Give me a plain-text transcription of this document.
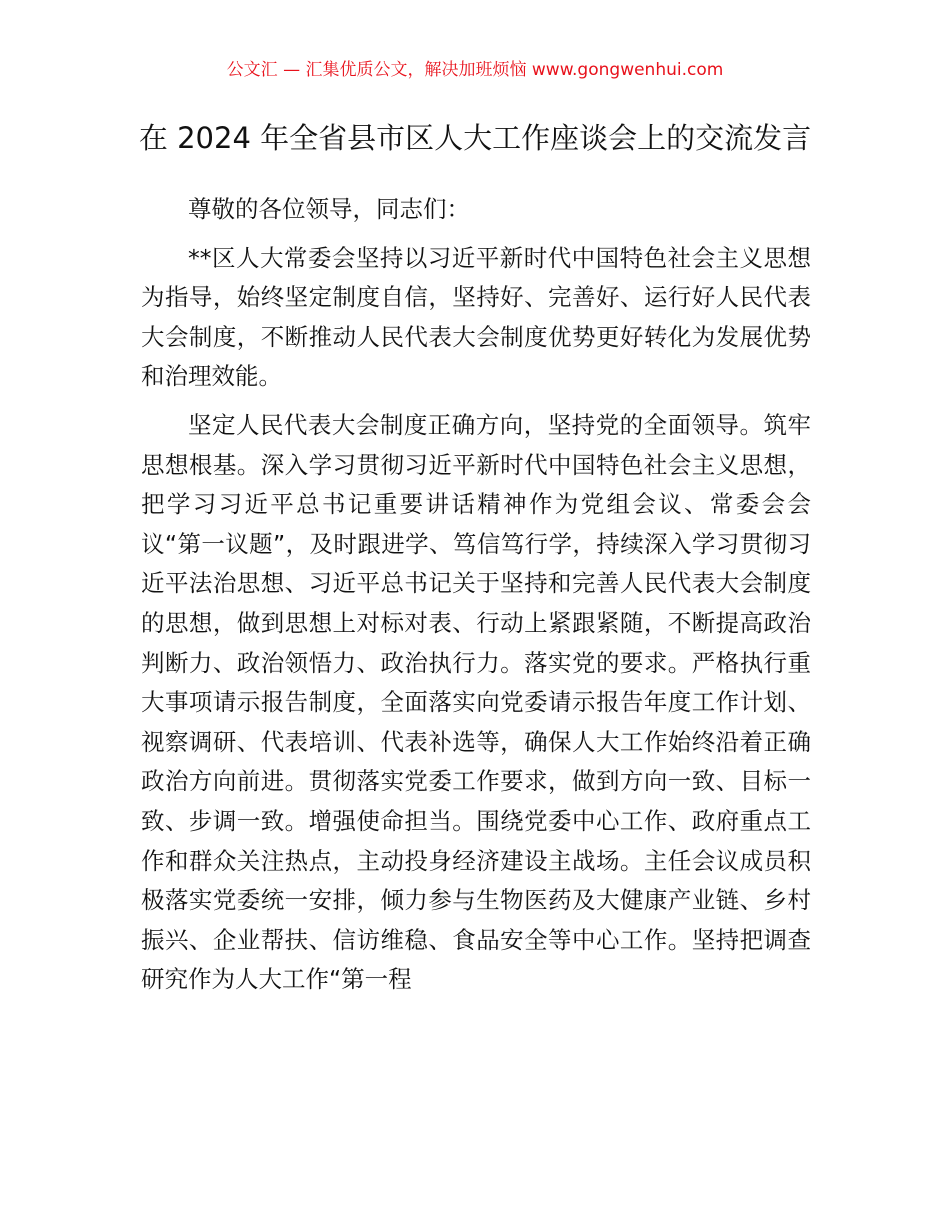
公文汇 — 汇集优质公文，解决加班烦恼 www.gongwenhui.com
在 2024 年全省县市区人大工作座谈会上的交流发言

尊敬的各位领导，同志们：

**区人大常委会坚持以习近平新时代中国特色社会主义思想为指导，始终坚定制度自信，坚持好、完善好、运行好人民代表大会制度，不断推动人民代表大会制度优势更好转化为发展优势和治理效能。

坚定人民代表大会制度正确方向，坚持党的全面领导。筑牢思想根基。深入学习贯彻习近平新时代中国特色社会主义思想，把学习习近平总书记重要讲话精神作为党组会议、常委会会议“第一议题”，及时跟进学、笃信笃行学，持续深入学习贯彻习近平法治思想、习近平总书记关于坚持和完善人民代表大会制度的思想，做到思想上对标对表、行动上紧跟紧随，不断提高政治判断力、政治领悟力、政治执行力。落实党的要求。严格执行重大事项请示报告制度，全面落实向党委请示报告年度工作计划、视察调研、代表培训、代表补选等，确保人大工作始终沿着正确政治方向前进。贯彻落实党委工作要求，做到方向一致、目标一致、步调一致。增强使命担当。围绕党委中心工作、政府重点工作和群众关注热点，主动投身经济建设主战场。主任会议成员积极落实党委统一安排，倾力参与生物医药及大健康产业链、乡村振兴、企业帮扶、信访维稳、食品安全等中心工作。坚持把调查研究作为人大工作“第一程
